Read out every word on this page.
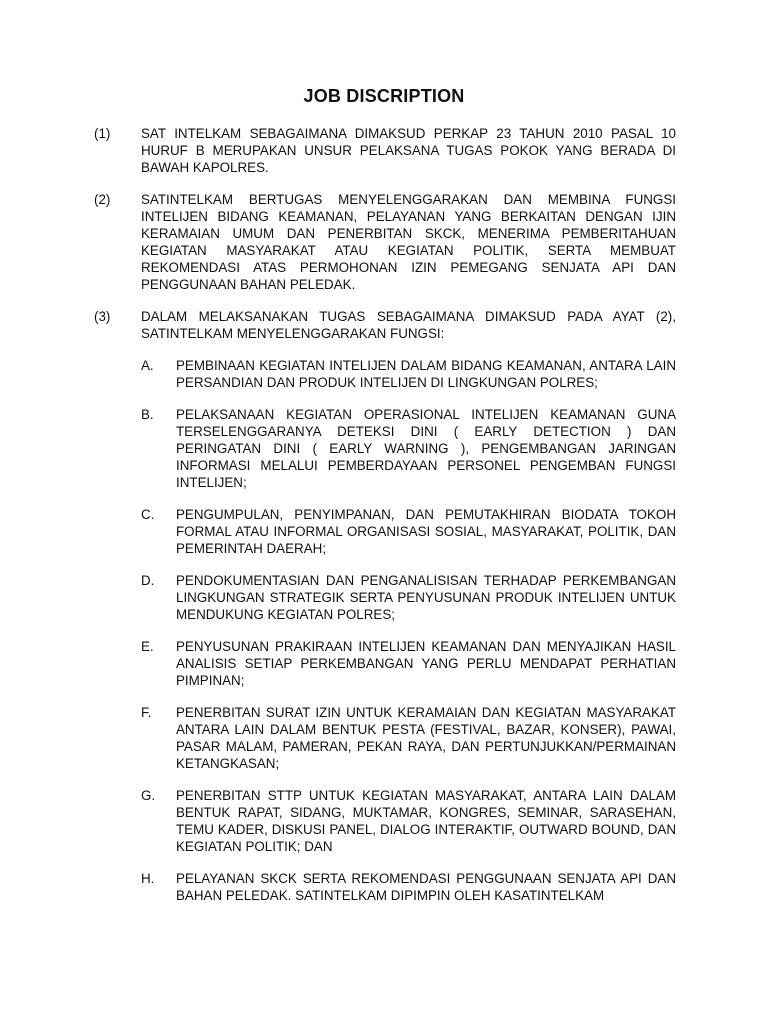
JOB DISCRIPTION
(1) SAT INTELKAM SEBAGAIMANA DIMAKSUD PERKAP 23 TAHUN 2010 PASAL 10 HURUF B MERUPAKAN UNSUR PELAKSANA TUGAS POKOK YANG BERADA DI BAWAH KAPOLRES.
(2) SATINTELKAM BERTUGAS MENYELENGGARAKAN DAN MEMBINA FUNGSI INTELIJEN BIDANG KEAMANAN, PELAYANAN YANG BERKAITAN DENGAN IJIN KERAMAIAN UMUM DAN PENERBITAN SKCK, MENERIMA PEMBERITAHUAN KEGIATAN MASYARAKAT ATAU KEGIATAN POLITIK, SERTA MEMBUAT REKOMENDASI ATAS PERMOHONAN IZIN PEMEGANG SENJATA API DAN PENGGUNAAN BAHAN PELEDAK.
(3) DALAM MELAKSANAKAN TUGAS SEBAGAIMANA DIMAKSUD PADA AYAT (2), SATINTELKAM MENYELENGGARAKAN FUNGSI:
A. PEMBINAAN KEGIATAN INTELIJEN DALAM BIDANG KEAMANAN, ANTARA LAIN PERSANDIAN DAN PRODUK INTELIJEN DI LINGKUNGAN POLRES;
B. PELAKSANAAN KEGIATAN OPERASIONAL INTELIJEN KEAMANAN GUNA TERSELENGGARANYA DETEKSI DINI ( EARLY DETECTION ) DAN PERINGATAN DINI ( EARLY WARNING ), PENGEMBANGAN JARINGAN INFORMASI MELALUI PEMBERDAYAAN PERSONEL PENGEMBAN FUNGSI INTELIJEN;
C. PENGUMPULAN, PENYIMPANAN, DAN PEMUTAKHIRAN BIODATA TOKOH FORMAL ATAU INFORMAL ORGANISASI SOSIAL, MASYARAKAT, POLITIK, DAN PEMERINTAH DAERAH;
D. PENDOKUMENTASIAN DAN PENGANALISISAN TERHADAP PERKEMBANGAN LINGKUNGAN STRATEGIK SERTA PENYUSUNAN PRODUK INTELIJEN UNTUK MENDUKUNG KEGIATAN POLRES;
E. PENYUSUNAN PRAKIRAAN INTELIJEN KEAMANAN DAN MENYAJIKAN HASIL ANALISIS SETIAP PERKEMBANGAN YANG PERLU MENDAPAT PERHATIAN PIMPINAN;
F. PENERBITAN SURAT IZIN UNTUK KERAMAIAN DAN KEGIATAN MASYARAKAT ANTARA LAIN DALAM BENTUK PESTA (FESTIVAL, BAZAR, KONSER), PAWAI, PASAR MALAM, PAMERAN, PEKAN RAYA, DAN PERTUNJUKKAN/PERMAINAN KETANGKASAN;
G. PENERBITAN STTP UNTUK KEGIATAN MASYARAKAT, ANTARA LAIN DALAM BENTUK RAPAT, SIDANG, MUKTAMAR, KONGRES, SEMINAR, SARASEHAN, TEMU KADER, DISKUSI PANEL, DIALOG INTERAKTIF, OUTWARD BOUND, DAN KEGIATAN POLITIK; DAN
H. PELAYANAN SKCK SERTA REKOMENDASI PENGGUNAAN SENJATA API DAN BAHAN PELEDAK. SATINTELKAM DIPIMPIN OLEH KASATINTELKAM
